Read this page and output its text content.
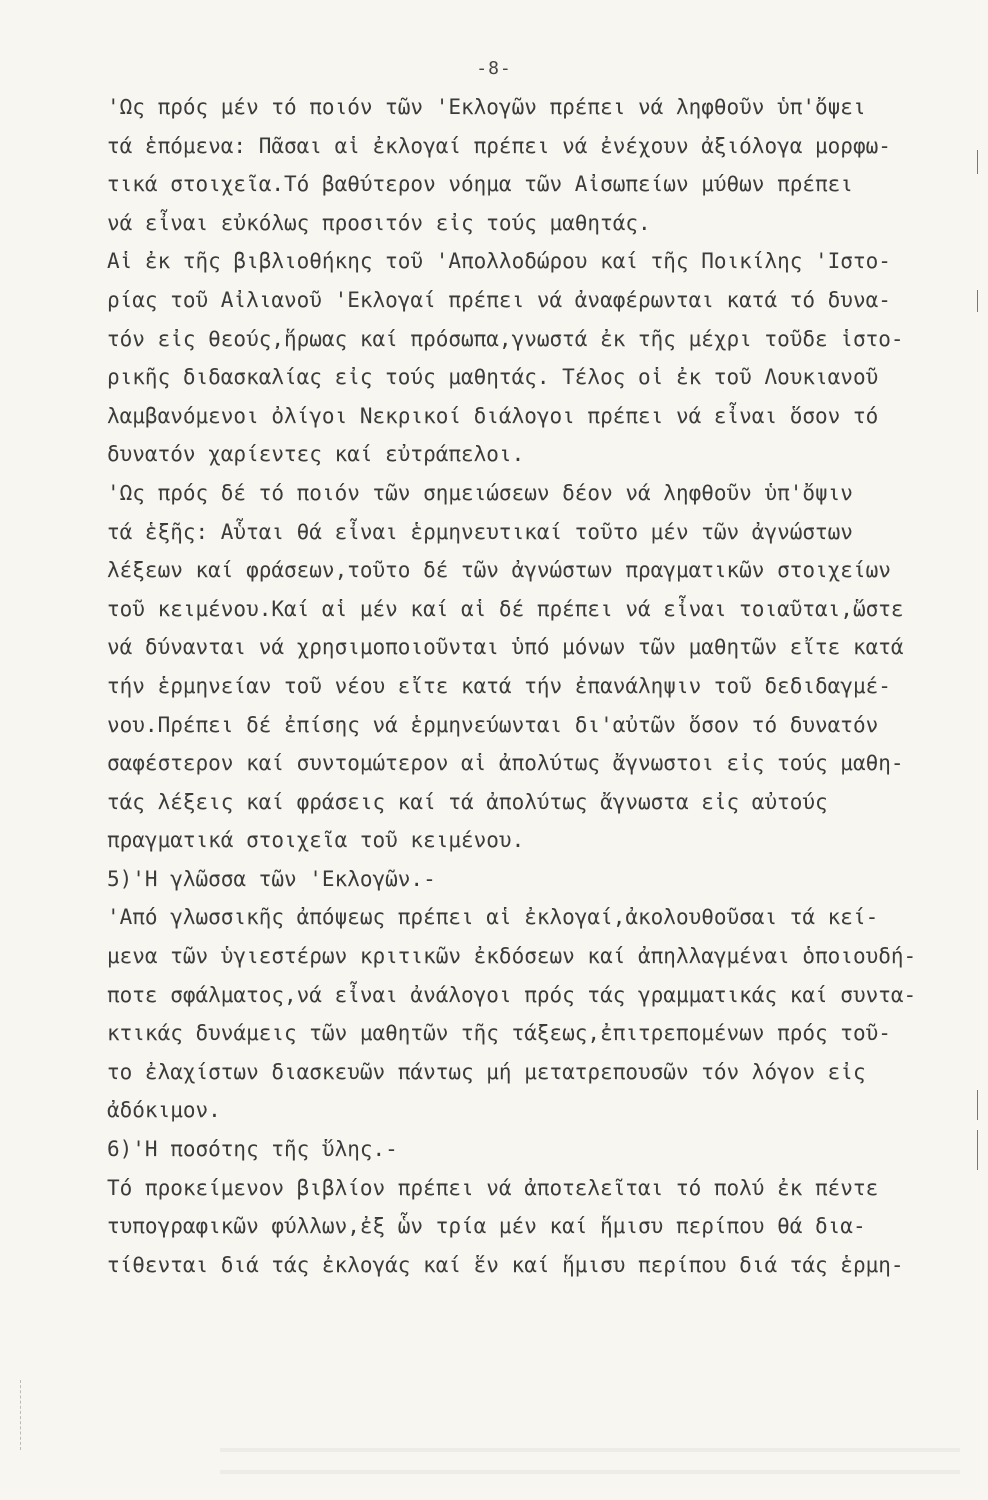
-8-
'Ως πρός μέν τό ποιόν τῶν 'Εκλογῶν πρέπει νά ληφθοῦν ὑπ'ὄψει
τά ἑπόμενα: Πᾶσαι αἱ ἐκλογαί πρέπει νά ἐνέχουν ἀξιόλογα μορφω-
τικά στοιχεῖα.Τό βαθύτερον νόημα τῶν Αἰσωπείων μύθων πρέπει
νά εἶναι εὐκόλως προσιτόν εἰς τούς μαθητάς.
Αἱ ἐκ τῆς βιβλιοθήκης τοῦ 'Απολλοδώρου καί τῆς Ποικίλης 'Ιστο-
ρίας τοῦ Αἰλιανοῦ 'Εκλογαί πρέπει νά ἀναφέρωνται κατά τό δυνα-
τόν εἰς θεούς,ἥρωας καί πρόσωπα,γνωστά ἐκ τῆς μέχρι τοῦδε ἱστο-
ρικῆς διδασκαλίας εἰς τούς μαθητάς. Τέλος οἱ ἐκ τοῦ Λουκιανοῦ
λαμβανόμενοι ὀλίγοι Νεκρικοί διάλογοι πρέπει νά εἶναι ὅσον τό
δυνατόν χαρίεντες καί εὐτράπελοι.
'Ως πρός δέ τό ποιόν τῶν σημειώσεων δέον νά ληφθοῦν ὑπ'ὄψιν
τά ἑξῆς: Αὗται θά εἶναι ἑρμηνευτικαί τοῦτο μέν τῶν ἀγνώστων
λέξεων καί φράσεων,τοῦτο δέ τῶν ἀγνώστων πραγματικῶν στοιχείων
τοῦ κειμένου.Καί αἱ μέν καί αἱ δέ πρέπει νά εἶναι τοιαῦται,ὥστε
νά δύνανται νά χρησιμοποιοῦνται ὑπό μόνων τῶν μαθητῶν εἴτε κατά
τήν ἑρμηνείαν τοῦ νέου εἴτε κατά τήν ἐπανάληψιν τοῦ δεδιδαγμέ-
νου.Πρέπει δέ ἐπίσης νά ἑρμηνεύωνται δι'αὐτῶν ὅσον τό δυνατόν
σαφέστερον καί συντομώτερον αἱ ἀπολύτως ἄγνωστοι εἰς τούς μαθη-
τάς λέξεις καί φράσεις καί τά ἀπολύτως ἄγνωστα εἰς αὐτούς
πραγματικά στοιχεῖα τοῦ κειμένου.
5)'Η γλῶσσα τῶν 'Εκλογῶν.-
'Από γλωσσικῆς ἀπόψεως πρέπει αἱ ἐκλογαί,ἀκολουθοῦσαι τά κεί-
μενα τῶν ὑγιεστέρων κριτικῶν ἐκδόσεων καί ἀπηλλαγμέναι ὁποιουδή-
ποτε σφάλματος,νά εἶναι ἀνάλογοι πρός τάς γραμματικάς καί συντα-
κτικάς δυνάμεις τῶν μαθητῶν τῆς τάξεως,ἐπιτρεπομένων πρός τοῦ-
το ἐλαχίστων διασκευῶν πάντως μή μετατρεπουσῶν τόν λόγον εἰς
ἀδόκιμον.
6)'Η ποσότης τῆς ὕλης.-
Τό προκείμενον βιβλίον πρέπει νά ἀποτελεῖται τό πολύ ἐκ πέντε
τυπογραφικῶν φύλλων,ἐξ ὧν τρία μέν καί ἥμισυ περίπου θά δια-
τίθενται διά τάς ἐκλογάς καί ἕν καί ἥμισυ περίπου διά τάς ἑρμη-
